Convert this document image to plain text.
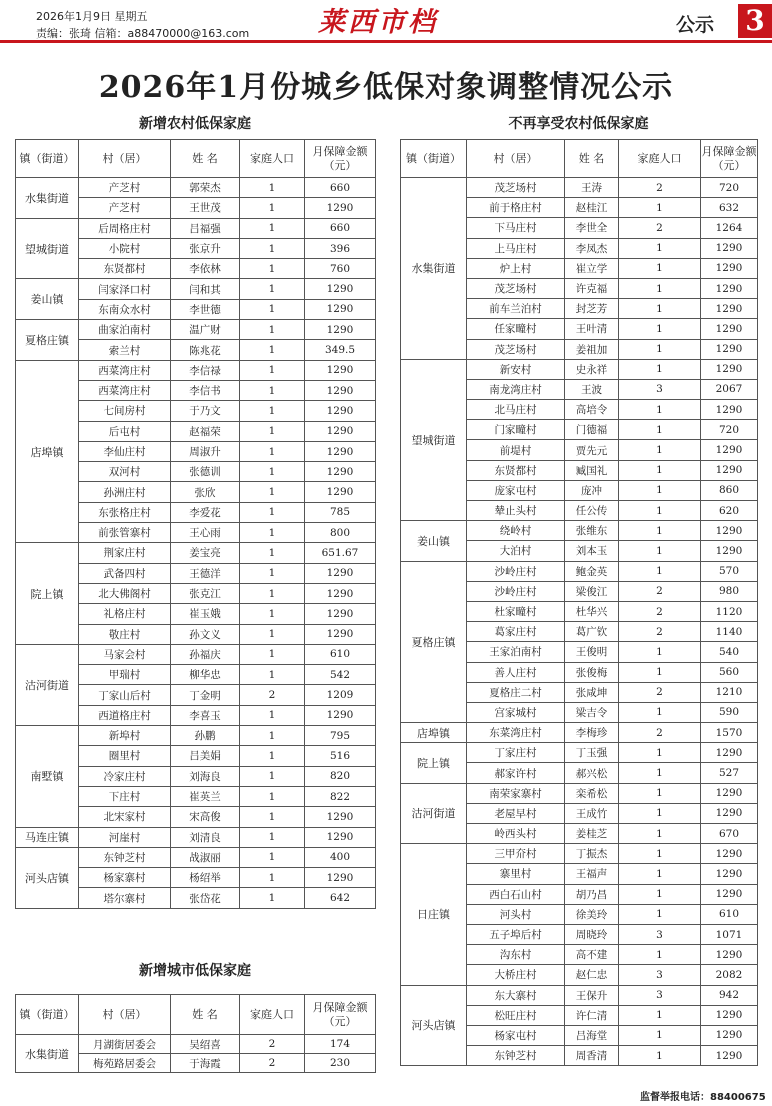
2026年1月9日 星期五
责编：张琦 信箱：a88470000@163.com	莱西市档	公示 3
2026年1月份城乡低保对象调整情况公示
新增农村低保家庭	不再享受农村低保家庭
新增城市低保家庭
镇（街道）	村（居）	姓 名	家庭人口	月保障金额
（元）

水集街道	产芝村	郭荣杰	1	660
	产芝村	王世茂	1	1290
望城街道	后周格庄村	吕福强	1	660
	小院村	张京升	1	396
	东贤都村	李依林	1	760
姜山镇	闫家泽口村	闫和其	1	1290
	东南众水村	李世德	1	1290
夏格庄镇	曲家泊南村	温广财	1	1290
	索兰村	陈兆花	1	349.5
店埠镇	西菜湾庄村	李信禄	1	1290
	西菜湾庄村	李信书	1	1290
	七间房村	于乃文	1	1290
	后屯村	赵福荣	1	1290
	李仙庄村	周淑升	1	1290
	双河村	张德训	1	1290
	孙洲庄村	张欣	1	1290
	东张格庄村	李爱花	1	785
	前张管寨村	王心雨	1	800
院上镇	荆家庄村	姜宝亮	1	651.67
	武备四村	王德洋	1	1290
	北大佛阁村	张克江	1	1290
	礼格庄村	崔玉娥	1	1290
	敬庄村	孙文义	1	1290
沽河街道	马家会村	孙福庆	1	610
	甲瑞村	柳华忠	1	542
	丁家山后村	丁金明	2	1209
	西道格庄村	李喜玉	1	1290
南墅镇	新埠村	孙鹏	1	795
	圈里村	吕美娟	1	516
	冷家庄村	刘海良	1	820
	下庄村	崔英兰	1	822
	北宋家村	宋高俊	1	1290
马连庄镇	河崖村	刘清良	1	1290
河头店镇	东钟芝村	战淑丽	1	400
	杨家寨村	杨绍举	1	1290
	塔尔寨村	张岱花	1	642
镇（街道）	村（居）	姓 名	家庭人口	月保障金额
（元）

水集街道	茂芝场村	王涛	2	720
	前于格庄村	赵桂江	1	632
	下马庄村	李世全	2	1264
	上马庄村	李凤杰	1	1290
	炉上村	崔立学	1	1290
	茂芝场村	许克福	1	1290
	前车兰泊村	封芝芳	1	1290
	任家疃村	王叶清	1	1290
	茂芝场村	姜祖加	1	1290
望城街道	新安村	史永祥	1	1290
	南龙湾庄村	王波	3	2067
	北马庄村	高培令	1	1290
	门家疃村	门德福	1	720
	前堤村	贾先元	1	1290
	东贤都村	臧国礼	1	1290
	庞家屯村	庞冲	1	860
	辇止头村	任公传	1	620
姜山镇	绕岭村	张维东	1	1290
	大泊村	刘本玉	1	1290
夏格庄镇	沙岭庄村	鲍金英	1	570
	沙岭庄村	梁俊江	2	980
	杜家疃村	杜华兴	2	1120
	葛家庄村	葛广钦	2	1140
	王家泊南村	王俊明	1	540
	善人庄村	张俊梅	1	560
	夏格庄二村	张咸坤	2	1210
	宫家城村	梁吉令	1	590
店埠镇	东菜湾庄村	李梅珍	2	1570
院上镇	丁家庄村	丁玉强	1	1290
	郝家许村	郝兴松	1	527
沽河街道	南荣家寨村	栾希松	1	1290
	老屋早村	王成竹	1	1290
	岭西头村	姜桂芝	1	670
日庄镇	三甲夼村	丁振杰	1	1290
	寨里村	王福声	1	1290
	西白石山村	胡乃昌	1	1290
	河头村	徐美玲	1	610
	五子埠后村	周晓玲	3	1071
	沟东村	高不建	1	1290
	大桥庄村	赵仁忠	3	2082
河头店镇	东大寨村	王保升	3	942
	松旺庄村	许仁清	1	1290
	杨家屯村	吕海堂	1	1290
	东钟芝村	周香清	1	1290
镇（街道）	村（居）	姓 名	家庭人口	月保障金额
（元）

水集街道	月湖街居委会	吴绍喜	2	174
	梅苑路居委会	于海霞	2	230
监督举报电话：88400675
